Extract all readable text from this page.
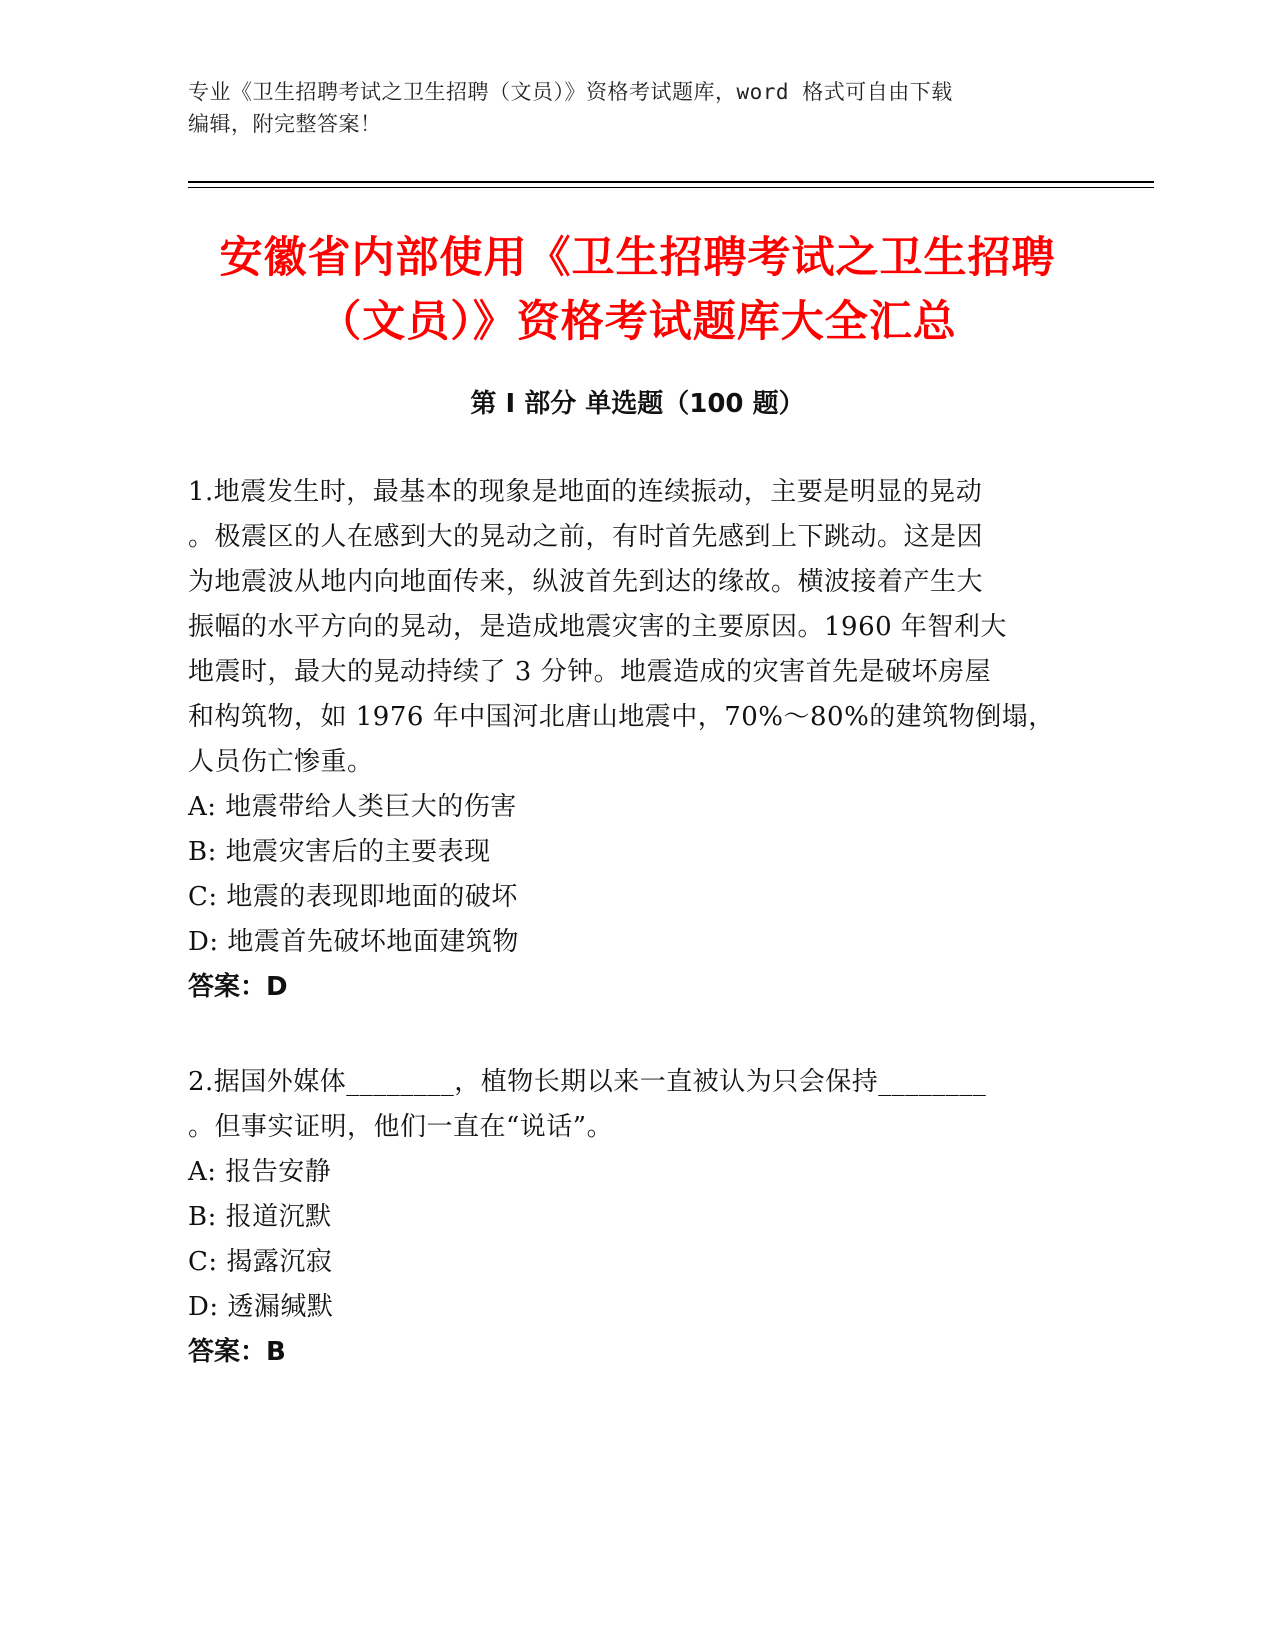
专业《卫生招聘考试之卫生招聘（文员）》资格考试题库，word 格式可自由下载
编辑，附完整答案！
安徽省内部使用《卫生招聘考试之卫生招聘
（文员）》资格考试题库大全汇总
第 I 部分 单选题（100 题）
1.地震发生时，最基本的现象是地面的连续振动，主要是明显的晃动
。极震区的人在感到大的晃动之前，有时首先感到上下跳动。这是因
为地震波从地内向地面传来，纵波首先到达的缘故。横波接着产生大
振幅的水平方向的晃动，是造成地震灾害的主要原因。1960 年智利大
地震时，最大的晃动持续了 3 分钟。地震造成的灾害首先是破坏房屋
和构筑物，如 1976 年中国河北唐山地震中，70%～80%的建筑物倒塌，
人员伤亡惨重。
A: 地震带给人类巨大的伤害
B: 地震灾害后的主要表现
C: 地震的表现即地面的破坏
D: 地震首先破坏地面建筑物
答案：D
2.据国外媒体________，植物长期以来一直被认为只会保持________
。但事实证明，他们一直在“说话”。
A: 报告安静
B: 报道沉默
C: 揭露沉寂
D: 透漏缄默
答案：B
